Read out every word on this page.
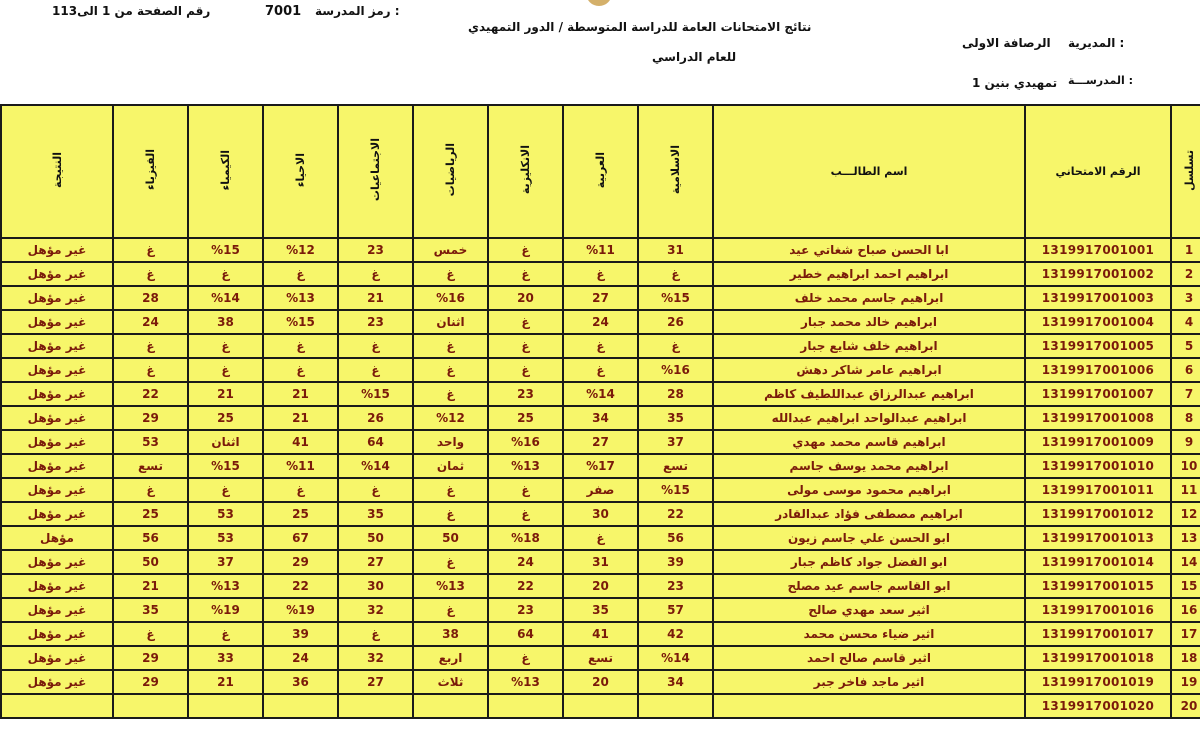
رقم الصفحة من 1 الى113	7001 رمز المدرسة :
نتائج الامتحانات العامة للدراسة المتوسطة / الدور التمهيدي
للعام الدراسي
الرصافة الاولى المديرية :
تمهيدي بنين 1 المدرســـة :
تسلسل	الرقم الامتحاني	اسم الطالـــب	الاسلامية	العربية	الانكليزية	الرياضيات	الاجتماعيات	الاحياء	الكيمياء	الفيزياء	النتيجة
1	1319917001001	ابا الحسن صباح شغاتي عيد	31	%11	غ	خمس	23	%12	%15	غ	غير مؤهل
2	1319917001002	ابراهيم احمد ابراهيم خطير	غ	غ	غ	غ	غ	غ	غ	غ	غير مؤهل
3	1319917001003	ابراهيم جاسم محمد خلف	%15	27	20	%16	21	%13	%14	28	غير مؤهل
4	1319917001004	ابراهيم خالد محمد جبار	26	24	غ	اثنان	23	%15	38	24	غير مؤهل
5	1319917001005	ابراهيم خلف شايع جبار	غ	غ	غ	غ	غ	غ	غ	غ	غير مؤهل
6	1319917001006	ابراهيم عامر شاكر دهش	%16	غ	غ	غ	غ	غ	غ	غ	غير مؤهل
7	1319917001007	ابراهيم عبدالرزاق عبداللطيف كاظم	28	%14	23	غ	%15	21	21	22	غير مؤهل
8	1319917001008	ابراهيم عبدالواحد ابراهيم عبدالله	35	34	25	%12	26	21	25	29	غير مؤهل
9	1319917001009	ابراهيم قاسم محمد مهدي	37	27	%16	واحد	64	41	اثنان	53	غير مؤهل
10	1319917001010	ابراهيم محمد يوسف جاسم	تسع	%17	%13	ثمان	%14	%11	%15	تسع	غير مؤهل
11	1319917001011	ابراهيم محمود موسى مولى	%15	صفر	غ	غ	غ	غ	غ	غ	غير مؤهل
12	1319917001012	ابراهيم مصطفى فؤاد عبدالقادر	22	30	غ	غ	35	25	53	25	غير مؤهل
13	1319917001013	ابو الحسن علي جاسم زيون	56	غ	%18	50	50	67	53	56	مؤهل
14	1319917001014	ابو الفضل جواد كاظم جبار	39	31	24	غ	27	29	37	50	غير مؤهل
15	1319917001015	ابو القاسم جاسم عيد مصلح	23	20	22	%13	30	22	%13	21	غير مؤهل
16	1319917001016	اثير سعد مهدي صالح	57	35	23	غ	32	%19	%19	35	غير مؤهل
17	1319917001017	اثير ضياء محسن محمد	42	41	64	38	غ	39	غ	غ	غير مؤهل
18	1319917001018	اثير قاسم صالح احمد	%14	تسع	غ	اربع	32	24	33	29	غير مؤهل
19	1319917001019	اثير ماجد فاخر جبر	34	20	%13	ثلاث	27	36	21	29	غير مؤهل
20	1319917001020										
